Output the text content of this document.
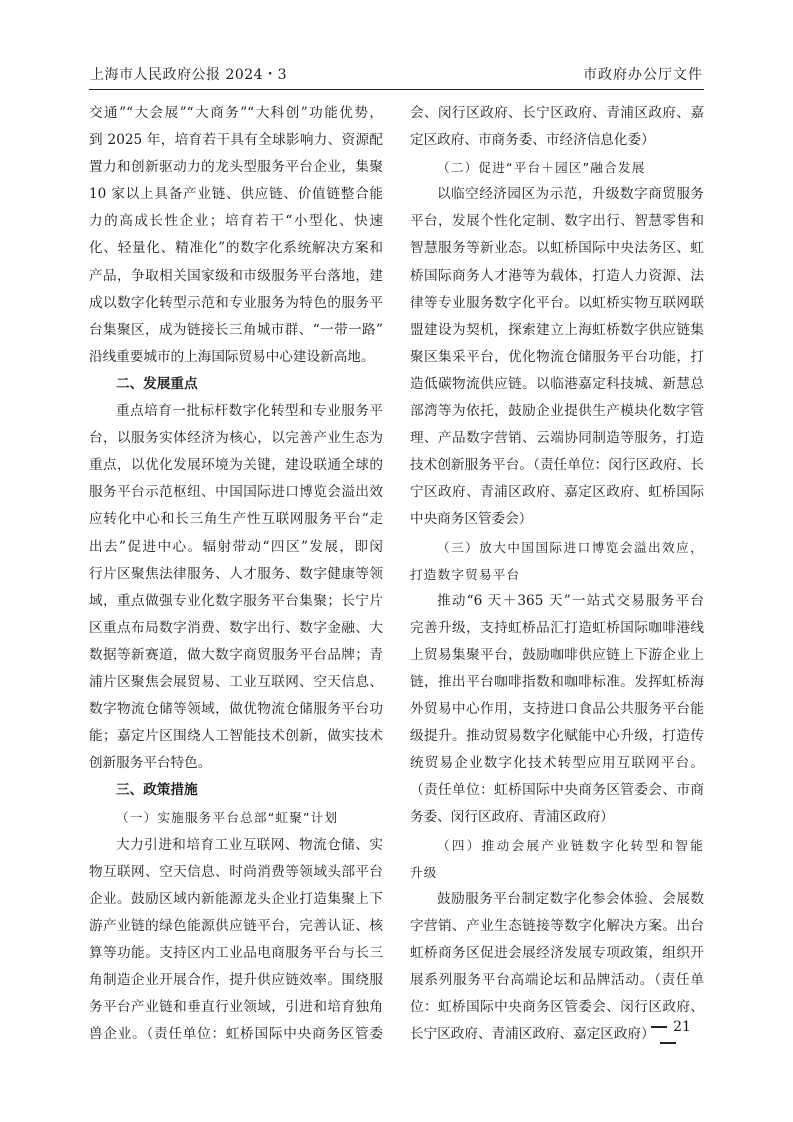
上海市人民政府公报 2024・3	市政府办公厅文件
交通”“大会展”“大商务”“大科创”功能优势，
到 2025 年，培育若干具有全球影响力、资源配
置力和创新驱动力的龙头型服务平台企业，集聚
10 家以上具备产业链、供应链、价值链整合能
力的高成长性企业；培育若干“小型化、快速
化、轻量化、精准化”的数字化系统解决方案和
产品，争取相关国家级和市级服务平台落地，建
成以数字化转型示范和专业服务为特色的服务平
台集聚区，成为链接长三角城市群、“一带一路”
沿线重要城市的上海国际贸易中心建设新高地。
二、发展重点
重点培育一批标杆数字化转型和专业服务平
台，以服务实体经济为核心，以完善产业生态为
重点，以优化发展环境为关键，建设联通全球的
服务平台示范枢纽、中国国际进口博览会溢出效
应转化中心和长三角生产性互联网服务平台“走
出去”促进中心。辐射带动“四区”发展，即闵
行片区聚焦法律服务、人才服务、数字健康等领
域，重点做强专业化数字服务平台集聚；长宁片
区重点布局数字消费、数字出行、数字金融、大
数据等新赛道，做大数字商贸服务平台品牌；青
浦片区聚焦会展贸易、工业互联网、空天信息、
数字物流仓储等领域，做优物流仓储服务平台功
能；嘉定片区围绕人工智能技术创新，做实技术
创新服务平台特色。
三、政策措施
（一）实施服务平台总部“虹聚”计划
大力引进和培育工业互联网、物流仓储、实
物互联网、空天信息、时尚消费等领域头部平台
企业。鼓励区域内新能源龙头企业打造集聚上下
游产业链的绿色能源供应链平台，完善认证、核
算等功能。支持区内工业品电商服务平台与长三
角制造企业开展合作，提升供应链效率。围绕服
务平台产业链和垂直行业领域，引进和培育独角
兽企业。（责任单位：虹桥国际中央商务区管委
会、闵行区政府、长宁区政府、青浦区政府、嘉
定区政府、市商务委、市经济信息化委）
（二）促进“平台＋园区”融合发展
以临空经济园区为示范，升级数字商贸服务
平台，发展个性化定制、数字出行、智慧零售和
智慧服务等新业态。以虹桥国际中央法务区、虹
桥国际商务人才港等为载体，打造人力资源、法
律等专业服务数字化平台。以虹桥实物互联网联
盟建设为契机，探索建立上海虹桥数字供应链集
聚区集采平台，优化物流仓储服务平台功能，打
造低碳物流供应链。以临港嘉定科技城、新慧总
部湾等为依托，鼓励企业提供生产模块化数字管
理、产品数字营销、云端协同制造等服务，打造
技术创新服务平台。（责任单位：闵行区政府、长
宁区政府、青浦区政府、嘉定区政府、虹桥国际
中央商务区管委会）
（三）放大中国国际进口博览会溢出效应，
打造数字贸易平台
推动“6 天＋365 天”一站式交易服务平台
完善升级，支持虹桥品汇打造虹桥国际咖啡港线
上贸易集聚平台，鼓励咖啡供应链上下游企业上
链，推出平台咖啡指数和咖啡标准。发挥虹桥海
外贸易中心作用，支持进口食品公共服务平台能
级提升。推动贸易数字化赋能中心升级，打造传
统贸易企业数字化技术转型应用互联网平台。
（责任单位：虹桥国际中央商务区管委会、市商
务委、闵行区政府、青浦区政府）
（四）推动会展产业链数字化转型和智能
升级
鼓励服务平台制定数字化参会体验、会展数
字营销、产业生态链接等数字化解决方案。出台
虹桥商务区促进会展经济发展专项政策，组织开
展系列服务平台高端论坛和品牌活动。（责任单
位：虹桥国际中央商务区管委会、闵行区政府、
长宁区政府、青浦区政府、嘉定区政府）	21
